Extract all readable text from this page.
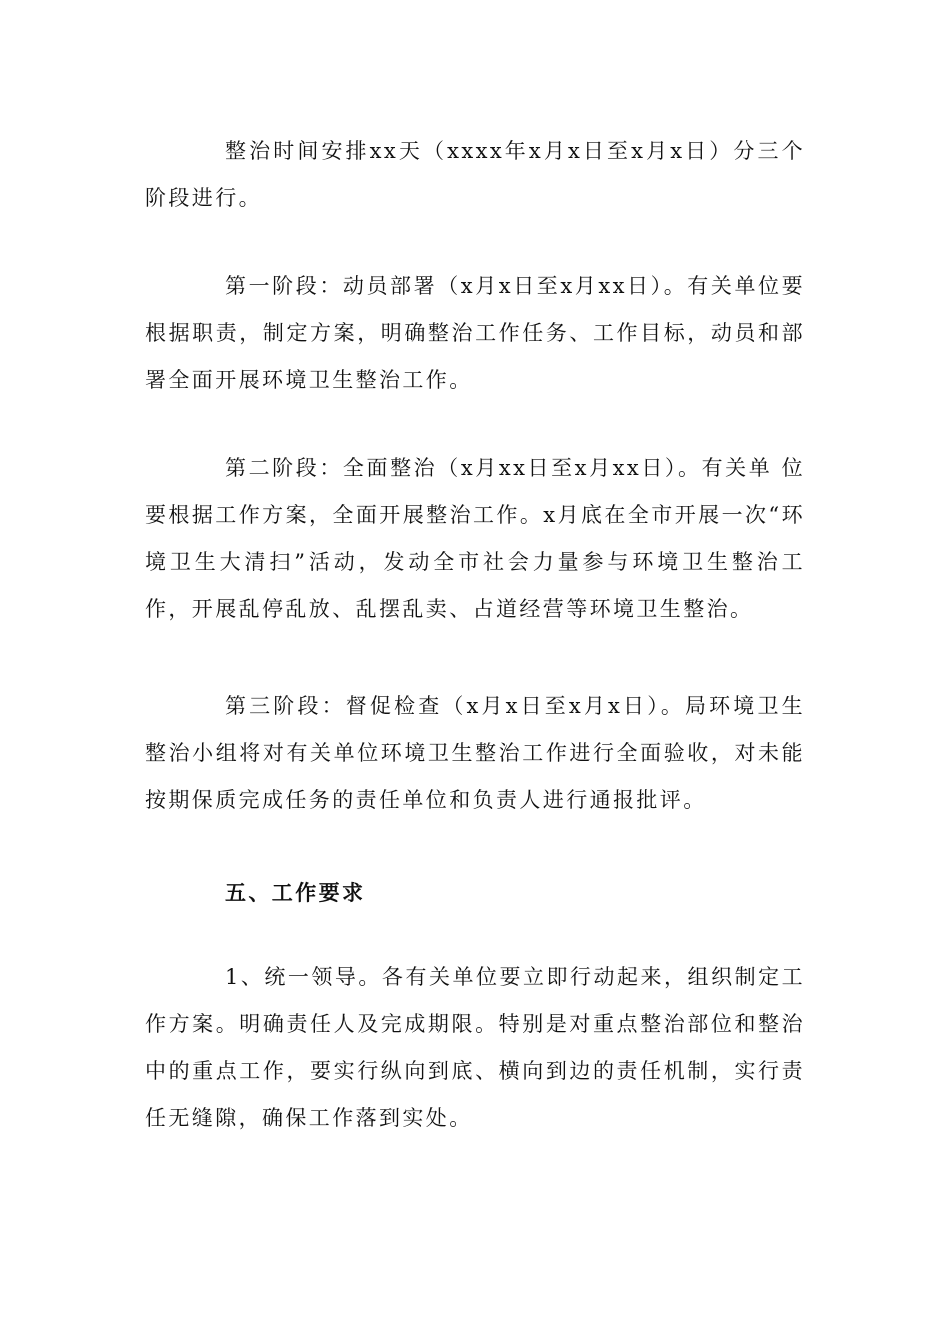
整治时间安排xx天（xxxx年x月x日至x月x日）分三个阶段进行。

第一阶段：动员部署（x月x日至x月xx日）。有关单位要根据职责，制定方案，明确整治工作任务、工作目标，动员和部署全面开展环境卫生整治工作。

第二阶段：全面整治（x月xx日至x月xx日）。有关单 位要根据工作方案，全面开展整治工作。x月底在全市开展一次“环境卫生大清扫”活动，发动全市社会力量参与环境卫生整治工作，开展乱停乱放、乱摆乱卖、占道经营等环境卫生整治。

第三阶段：督促检查（x月x日至x月x日）。局环境卫生整治小组将对有关单位环境卫生整治工作进行全面验收，对未能按期保质完成任务的责任单位和负责人进行通报批评。

五、工作要求

1、统一领导。各有关单位要立即行动起来，组织制定工作方案。明确责任人及完成期限。特别是对重点整治部位和整治中的重点工作，要实行纵向到底、横向到边的责任机制，实行责任无缝隙，确保工作落到实处。
